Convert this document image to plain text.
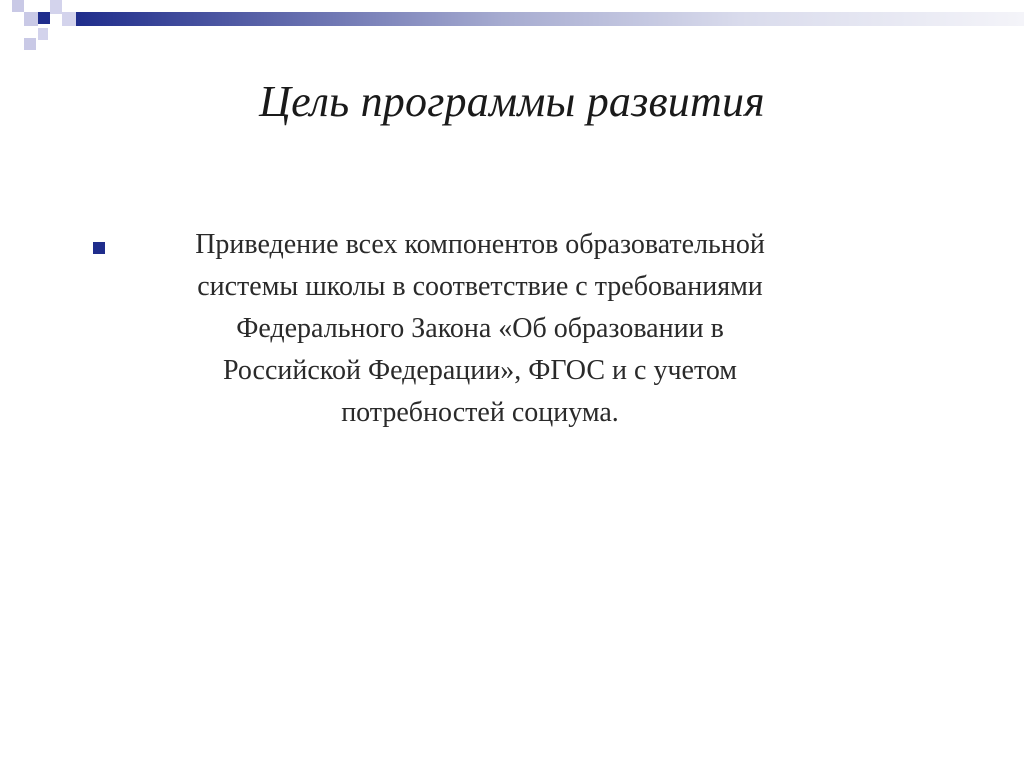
Цель программы развития

Приведение всех компонентов образовательной
системы школы в соответствие с требованиями
Федерального Закона «Об образовании в
Российской Федерации», ФГОС и с учетом
потребностей социума.
